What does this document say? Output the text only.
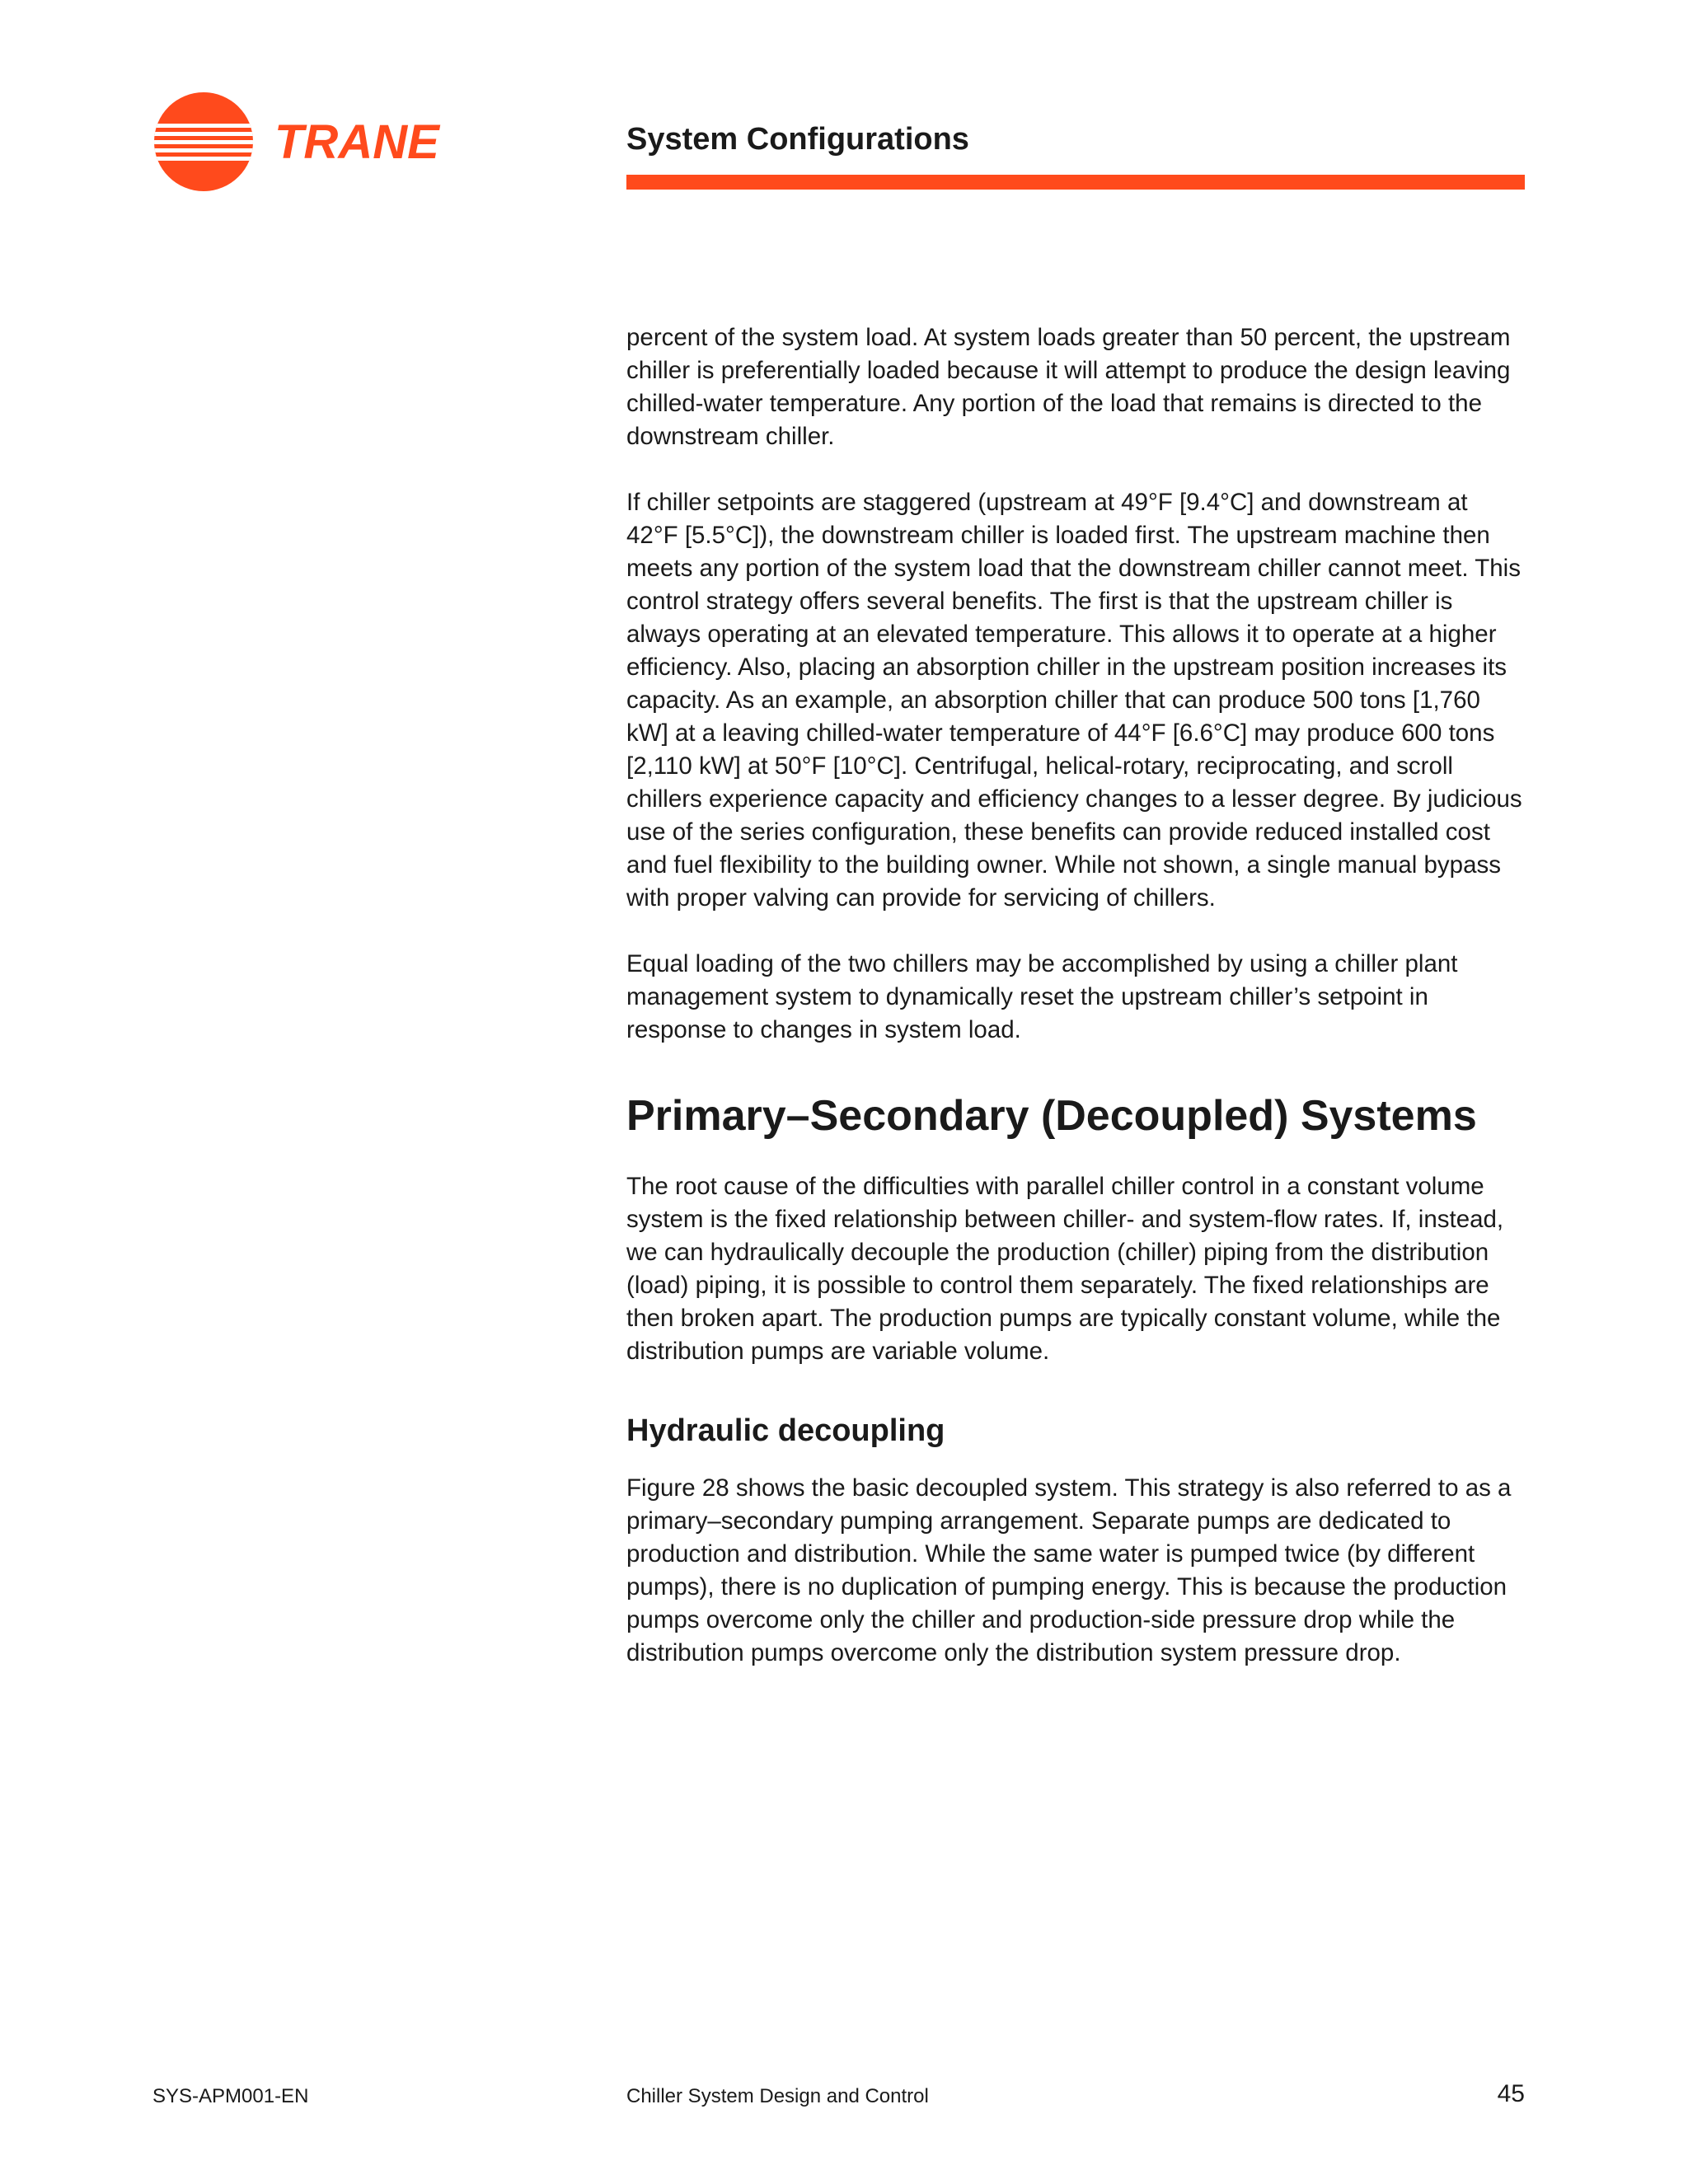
TRANE	System Configurations

percent of the system load. At system loads greater than 50 percent, the upstream chiller is preferentially loaded because it will attempt to produce the design leaving chilled-water temperature. Any portion of the load that remains is directed to the downstream chiller.

If chiller setpoints are staggered (upstream at 49°F [9.4°C] and downstream at 42°F [5.5°C]), the downstream chiller is loaded first. The upstream machine then meets any portion of the system load that the downstream chiller cannot meet. This control strategy offers several benefits. The first is that the upstream chiller is always operating at an elevated temperature. This allows it to operate at a higher efficiency. Also, placing an absorption chiller in the upstream position increases its capacity. As an example, an absorption chiller that can produce 500 tons [1,760 kW] at a leaving chilled-water temperature of 44°F [6.6°C] may produce 600 tons [2,110 kW] at 50°F [10°C]. Centrifugal, helical-rotary, reciprocating, and scroll chillers experience capacity and efficiency changes to a lesser degree. By judicious use of the series configuration, these benefits can provide reduced installed cost and fuel flexibility to the building owner. While not shown, a single manual bypass with proper valving can provide for servicing of chillers.

Equal loading of the two chillers may be accomplished by using a chiller plant management system to dynamically reset the upstream chiller’s setpoint in response to changes in system load.

Primary–Secondary (Decoupled) Systems

The root cause of the difficulties with parallel chiller control in a constant volume system is the fixed relationship between chiller- and system-flow rates. If, instead, we can hydraulically decouple the production (chiller) piping from the distribution (load) piping, it is possible to control them separately. The fixed relationships are then broken apart. The production pumps are typically constant volume, while the distribution pumps are variable volume.

Hydraulic decoupling

Figure 28 shows the basic decoupled system. This strategy is also referred to as a primary–secondary pumping arrangement. Separate pumps are dedicated to production and distribution. While the same water is pumped twice (by different pumps), there is no duplication of pumping energy. This is because the production pumps overcome only the chiller and production-side pressure drop while the distribution pumps overcome only the distribution system pressure drop.

SYS-APM001-EN	Chiller System Design and Control	45
